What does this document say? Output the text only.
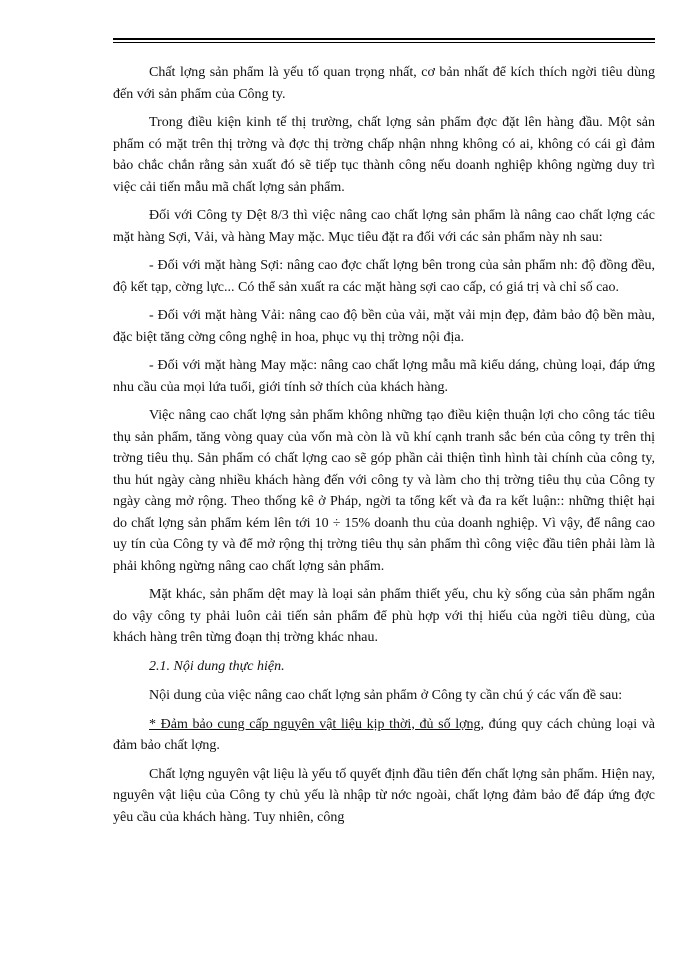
Chất lợng sản phẩm là yếu tố quan trọng nhất, cơ bản nhất để kích thích ngời tiêu dùng đến với sản phẩm của Công ty.

Trong điều kiện kinh tế thị trường, chất lợng sản phẩm đợc đặt lên hàng đầu. Một sản phẩm có mặt trên thị trờng và đợc thị trờng chấp nhận nhng không có ai, không có cái gì đảm bảo chắc chắn rằng sản xuất đó sẽ tiếp tục thành công nếu doanh nghiệp không ngừng duy trì việc cải tiến mẫu mã chất lợng sản phẩm.

Đối với Công ty Dệt 8/3 thì việc nâng cao chất lợng sản phẩm là nâng cao chất lợng các mặt hàng Sợi, Vải, và hàng May mặc. Mục tiêu đặt ra đối với các sản phẩm này nh sau:

- Đối với mặt hàng Sợi: nâng cao đợc chất lợng bên trong của sản phẩm nh: độ đồng đều, độ kết tạp, cờng lực... Có thể sản xuất ra các mặt hàng sợi cao cấp, có giá trị và chỉ số cao.

- Đối với mặt hàng Vải: nâng cao độ bền của vải, mặt vải mịn đẹp, đảm bảo độ bền màu, đặc biệt tăng cờng công nghệ in hoa, phục vụ thị trờng nội địa.

- Đối với mặt hàng May mặc: nâng cao chất lợng mẫu mã kiểu dáng, chủng loại, đáp ứng nhu cầu của mọi lứa tuổi, giới tính sở thích của khách hàng.

Việc nâng cao chất lợng sản phẩm không những tạo điều kiện thuận lợi cho công tác tiêu thụ sản phẩm, tăng vòng quay của vốn mà còn là vũ khí cạnh tranh sắc bén của công ty trên thị trờng tiêu thụ. Sản phẩm có chất lợng cao sẽ góp phần cải thiện tình hình tài chính của công ty, thu hút ngày càng nhiều khách hàng đến với công ty và làm cho thị trờng tiêu thụ của Công ty ngày càng mở rộng. Theo thống kê ở Pháp, ngời ta tổng kết và đa ra kết luận:: những thiệt hại do chất lợng sản phẩm kém lên tới 10 ÷ 15% doanh thu của doanh nghiệp. Vì vậy, để nâng cao uy tín của Công ty và để mở rộng thị trờng tiêu thụ sản phẩm thì công việc đầu tiên phải làm là phải không ngừng nâng cao chất lợng sản phẩm.

Mặt khác, sản phẩm dệt may là loại sản phẩm thiết yếu, chu kỳ sống của sản phẩm ngắn do vậy công ty phải luôn cải tiến sản phẩm để phù hợp với thị hiếu của ngời tiêu dùng, của khách hàng trên từng đoạn thị trờng khác nhau.

2.1. Nội dung thực hiện.

Nội dung của việc nâng cao chất lợng sản phẩm ở Công ty cần chú ý các vấn đề sau:

* Đảm bảo cung cấp nguyên vật liệu kịp thời, đủ số lợng, đúng quy cách chủng loại và đảm bảo chất lợng.

Chất lợng nguyên vật liệu là yếu tố quyết định đầu tiên đến chất lợng sản phẩm. Hiện nay, nguyên vật liệu của Công ty chủ yếu là nhập từ nớc ngoài, chất lợng đảm bảo để đáp ứng đợc yêu cầu của khách hàng. Tuy nhiên, công
